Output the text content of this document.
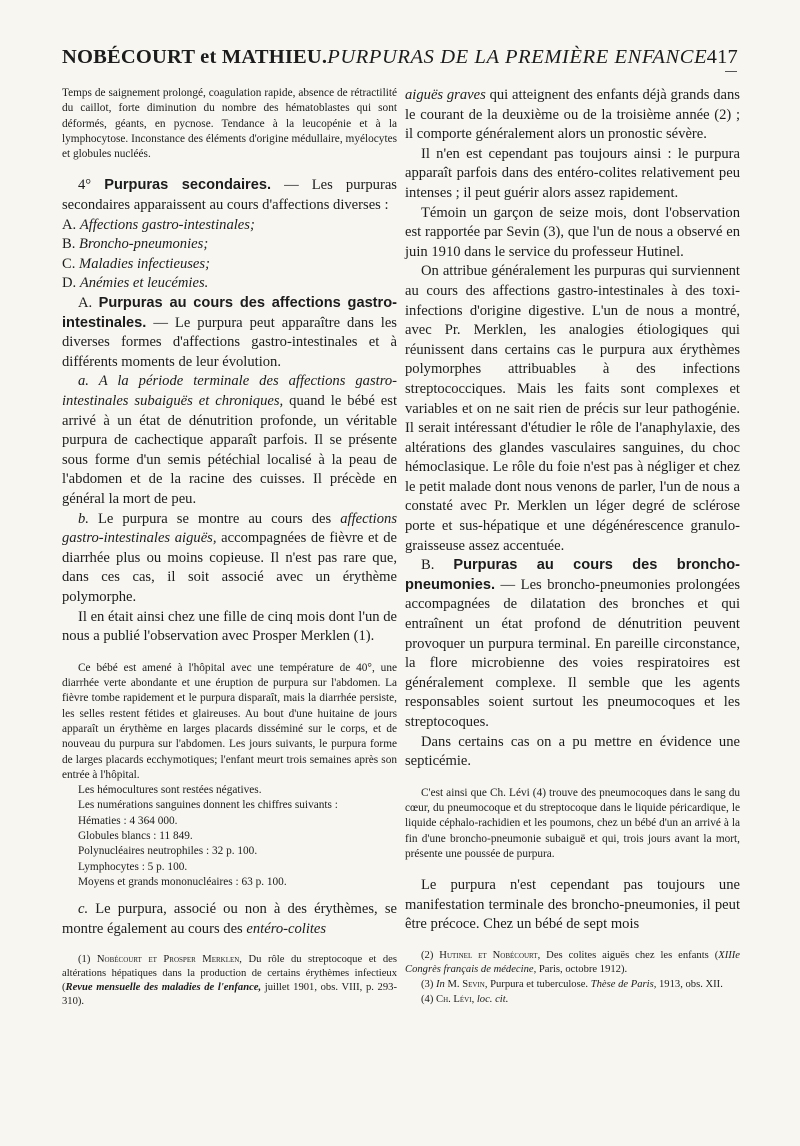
NOBÉCOURT et MATHIEU.PURPURAS DE LA PREMIÈRE ENFANCE 417

Temps de saignement prolongé, coagulation rapide, absence de rétractilité du caillot, forte diminution du nombre des hématoblastes qui sont déformés, géants, en pycnose. Tendance à la leucopénie et à la lymphocytose. Inconstance des éléments d'origine médullaire, myélocytes et globules nucléés.

4° Purpuras secondaires. — Les purpuras secondaires apparaissent au cours d'affections diverses :

A. Affections gastro-intestinales;

B. Broncho-pneumonies;

C. Maladies infectieuses;

D. Anémies et leucémies.

A. Purpuras au cours des affections gastro-intestinales. — Le purpura peut apparaître dans les diverses formes d'affections gastro-intestinales et à différents moments de leur évolution.

a. A la période terminale des affections gastro-intestinales subaiguës et chroniques, quand le bébé est arrivé à un état de dénutrition profonde, un véritable purpura de cachectique apparaît parfois. Il se présente sous forme d'un semis pétéchial localisé à la peau de l'abdomen et de la racine des cuisses. Il précède en général la mort de peu.

b. Le purpura se montre au cours des affections gastro-intestinales aiguës, accompagnées de fièvre et de diarrhée plus ou moins copieuse. Il n'est pas rare que, dans ces cas, il soit associé avec un érythème polymorphe.

Il en était ainsi chez une fille de cinq mois dont l'un de nous a publié l'observation avec Prosper Merklen (1).

Ce bébé est amené à l'hôpital avec une température de 40°, une diarrhée verte abondante et une éruption de purpura sur l'abdomen. La fièvre tombe rapidement et le purpura disparaît, mais la diarrhée persiste, les selles restent fétides et glaireuses. Au bout d'une huitaine de jours apparaît un érythème en larges placards disséminé sur le corps, et de nouveau du purpura sur l'abdomen. Les jours suivants, le purpura forme de larges placards ecchymotiques; l'enfant meurt trois semaines après son entrée à l'hôpital.

Les hémocultures sont restées négatives.

Les numérations sanguines donnent les chiffres suivants :

Hématies : 4 364 000.

Globules blancs : 11 849.

Polynucléaires neutrophiles : 32 p. 100.

Lymphocytes : 5 p. 100.

Moyens et grands mononucléaires : 63 p. 100.

c. Le purpura, associé ou non à des érythèmes, se montre également au cours des entéro-colites

(1) Nobécourt et Prosper Merklen, Du rôle du streptocoque et des altérations hépatiques dans la production de certains érythèmes infectieux (Revue mensuelle des maladies de l'enfance, juillet 1901, obs. VIII, p. 293-310).

aiguës graves qui atteignent des enfants déjà grands dans le courant de la deuxième ou de la troisième année (2) ; il comporte généralement alors un pronostic sévère.

Il n'en est cependant pas toujours ainsi : le purpura apparaît parfois dans des entéro-colites relativement peu intenses ; il peut guérir alors assez rapidement.

Témoin un garçon de seize mois, dont l'observation est rapportée par Sevin (3), que l'un de nous a observé en juin 1910 dans le service du professeur Hutinel.

On attribue généralement les purpuras qui surviennent au cours des affections gastro-intestinales à des toxi-infections d'origine digestive. L'un de nous a montré, avec Pr. Merklen, les analogies étiologiques qui réunissent dans certains cas le purpura aux érythèmes polymorphes attribuables à des infections streptococciques. Mais les faits sont complexes et variables et on ne sait rien de précis sur leur pathogénie. Il serait intéressant d'étudier le rôle de l'anaphylaxie, des altérations des glandes vasculaires sanguines, du choc hémoclasique. Le rôle du foie n'est pas à négliger et chez le petit malade dont nous venons de parler, l'un de nous a constaté avec Pr. Merklen un léger degré de sclérose porte et sus-hépatique et une dégénérescence granulo-graisseuse assez accentuée.

B. Purpuras au cours des broncho-pneumonies. — Les broncho-pneumonies prolongées accompagnées de dilatation des bronches et qui entraînent un état profond de dénutrition peuvent provoquer un purpura terminal. En pareille circonstance, la flore microbienne des voies respiratoires est généralement complexe. Il semble que les agents responsables soient surtout les pneumocoques et les streptocoques.

Dans certains cas on a pu mettre en évidence une septicémie.

C'est ainsi que Ch. Lévi (4) trouve des pneumocoques dans le sang du cœur, du pneumocoque et du streptocoque dans le liquide péricardique, le liquide céphalo-rachidien et les poumons, chez un bébé d'un an arrivé à la fin d'une broncho-pneumonie subaiguë et qui, trois jours avant la mort, présente une poussée de purpura.

Le purpura n'est cependant pas toujours une manifestation terminale des broncho-pneumonies, il peut être précoce. Chez un bébé de sept mois

(2) Hutinel et Nobécourt, Des colites aiguës chez les enfants (XIIIe Congrès français de médecine, Paris, octobre 1912).

(3) In M. Sevin, Purpura et tuberculose. Thèse de Paris, 1913, obs. XII.

(4) Ch. Lévi, loc. cit.
